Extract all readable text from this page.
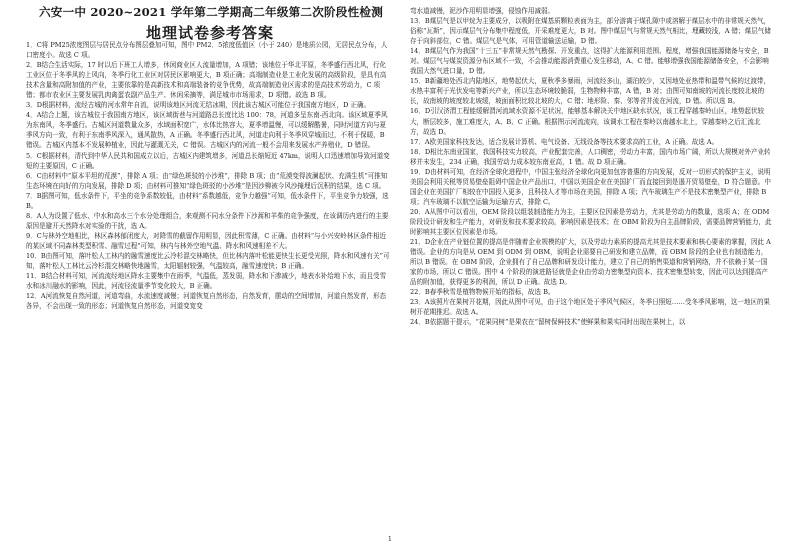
六安一中 2020~2021 学年第二学期高二年级第二次阶段性检测
地理试卷参考答案

1．C将 PM25浓度图层与居民点分布图层叠加可知，图中 PM2．5浓度低值区（小于 240）是地质公园，无居民点分布，人口密度小。故选 C 项。

2．B结合生活实际，17 时以后下班工人增多，休闲商业区人流量增加，A 项错；该地位于华北平原，冬季盛行西北风，行化工业区位于冬季风的上风向，冬季行化工业区对居民区影响更大，B 项正确；高端制造业是工业化发展的高级阶段，是具有高技术含量和高附加值的产业，主要依靠的是高新技术和高端装备的竞争优势，故高端制造业区需求的是高技术劳动力，C 项错；都市农业区主要发展乳肉禽蛋农副产品生产、休闲采摘等，满足城市市场需求，D 项错。故选 B 项。

3．D根据材料，流经古城的河水常年自流，说明该地区河流无结冰期，因此该古城区可能位于我国南方地区，D 正确。

4．A结合上题，该古城位于我国南方地区，该区域街巷与河道路总长度比达 100：78，河道多呈东南-西北向。该区域夏季风为东南风，冬季盛行。古城区河道数量众多，水域面积宽广，水体比热容大，夏季增温慢，可以缓解酷暑，同时河道方向与夏季风方向一致，有利于东南季风深入，通风散热，A 正确。冬季盛行西北风，河道走向利于冬季风穿城而过，不利于保暖，B 错误。古城区内基本不发展种植业，因此与灌溉无关，C 错误。古城区内的河流一般不会用来发展水产养殖业，D 错误。

5．C根据材料，清代到中华人民共和国成立以后，古城区内建筑增多，河道总长缩短近 47km，说明人口迅速增加导致河道变短的主要原因，C 正确。

6．C由材料中“原本平坦的荒漠”，排除 A 项；由“绿色斑驳的小沙堆”，排除 B 项；由“荒漠变得波澜起伏、充满生机”可推知生态环境在向好的方向发展，排除 D 项；由材料可推知“绿色斑驳的小沙堆”是因沙柳被今风沙掩埋后沉积的结果，选 C 项。

7．B据图可知，低水条件下，平坐的竞争系数较低，由材料“系数越低，竞争力越强”可知，低水条件下，平坐竞争力较强，选 B。

8．A人为设置了低水、中水和高水三个水分处理组合，来观测不同水分条件下沙蒿和羊柴的竞争强度，在该调历内进行的主要原因是避开天然降水对实验的干扰，选 A。

9．C与林外空地相比，林区森林郁闭度大，对降雪的截留作用明显，因此积雪薄，C 正确。由材料“与小兴安岭林区条件相近的某区域不同森林类型积雪、融雪过程”可知，林内与林外空地气温、降水和风速相差不大。

10．B由图可知，落叶松人工林内的融雪速度比云冷杉混交林略快，但比林内落叶松能更快生长更受光照，降水和风速有关”可知，落叶松人工林比云冷杉混交林略快地融雪，太阳辐射较强，气温较高，融雪速度快；B 正确。

11．B结合材料可知，河流流经地区降水主要集中在雨季，气温低，蒸发弱，降水和下渗减少，地表水补给地下水，而且受雪水和冰川融水的影响，因此，河流径流量季节变化较大，B 正确。

12．A河流恢复自然河道，河道弯曲，水流速度减慢；河道恢复自然形态，自然发育，摆动的空间增加，河道自然发育，形态各异，不会出现一致的形态；河道恢复自然形态，河道变宽变

弯水道减慢，泥沙作用明显增强，侵蚀作用减弱。

13．B煤层气是以甲烷为主要成分，以吸附在煤基质颗粒表面为主，部分游离于煤孔隙中或溶解于煤层水中的非常规天然气，俗称“瓦斯”，因示煤层气分布集中程度低，开采难度更大，B 对。图中煤层气与常规天然气相比，埋藏较浅，A 错；煤层气储存于向斜部位，C 错。煤层气是气体，可用管道输送运输，D 错。

14．B煤层气作为我国“十三五”非常规天然气勘探、开发重点，这得扩大能源利用范围、程度，增强我国能源储备与安全，B 对。煤层气与煤炭资源分布区域不一致，不会推动能源消费重心发生移动，A、C 错。能够增强我国能源储备安全，不会影响我国大然气进口量，D 错。

15．B新疆地处西北内陆地区，地势起伏大，夏秋季多暴雨，河流经多山，湖泊较少，又因地处亚热带和温带气候的过渡带，水热丰富利于光伏发电等新兴产业，所以生态环境较脆弱，生物物种丰富，A 错，B 对；由图可知南坡的河流长度较北坡的长，故南坡的坡度较北坡缓，坡面面积比较北坡的大，C 错；地形险、秦、邻等省并流在河流，D 错。所以选 B。

16．D引汉济渭工程能缓解渭河流域水资源不足状况，能够基本解决关中地区缺水状况，该工程穿越秦岭山区，地势起伏较大，断层较多，施工难度大，A、B、C 正确。根据图示河流流向，该调水工程在秦岭以南越水北上，穿越秦岭之后汇流北方，故选 D。

17．A欧美国家科技发达，适合发展计算机、电气设备、无线设备等技术要求高的工业，A 正确。故选 A。

18．D相比东南亚国家，我国科技实力较高，产业配套完善，人口稠密，劳动力丰富，国内市场广阔，所以大规模对外产业转移并未发生，234 正确，我国劳动力成本较东南亚高，1 错。故 D 项正确。

19．D由材料可知，在经济全球化进程中，中国主张经济全球化向更加包容普惠的方向发展，反对一切形式的保护主义，说明美国会利用关税等贸易壁垒阻碍中国企业产品出口，中国以美国企业在美国扩厂而直接回到是遏开贸易壁垒，D 符合题意。中国企业在美国扩厂相较在中国投入更多，且科技人才等市场在美国，排除 A 项；汽车玻璃生产不是技术密集型产业，排除 B 项；汽车玻璃不以航空运输为运输方式，排除 C。

20．A从图中可以看出，OEM 阶段以组装制造能力为主，主要区位因素是劳动力，尤其是劳动力的数量，选项 A；在 ODM 阶段设计研发和生产能力，对研发和技术要求较高，影响因素是技术；在 OBM 阶段为自主品牌阶段，需要品牌营销能力，此时影响其主要区位因素是市场。

21．D企业在产业链位置的提高是伴随着企业规模的扩大，以及劳动力素质的提高尤其是技术要素和核心要素的掌握，因此 A 错误。企业的方向是从 OEM 到 ODM 到 OBM，说明企业需要自己研发和建立品牌，而 OBM 阶段的企业也有制造能力，所以 B 错误。在 OBM 阶段，企业拥有了自己品牌和研发设计能力，建立了自己的销售渠道和营销网络，并不依赖于某一国家的市场，所以 C 错误。图中 4 个阶段的演进路径就是企业由劳动力密集型向资本、技术密集型转变，因此可以达到提高产品的附加值，获得更多的利润，所以 D 正确。故选 D。

22．B春季秋雪是植物物候开始的指标，故选 B。

23．A该照片在果树开花期，因此从图中可见，由于这个地区处于季风气候区，冬季日照短……受冬季风影响，这一地区的果树开花期推迟。故选 A。

24．B依据题干提示，“花果同树”是果农在“留树保鲜技术”使鲜果和果实同时出现在果树上，以

1
